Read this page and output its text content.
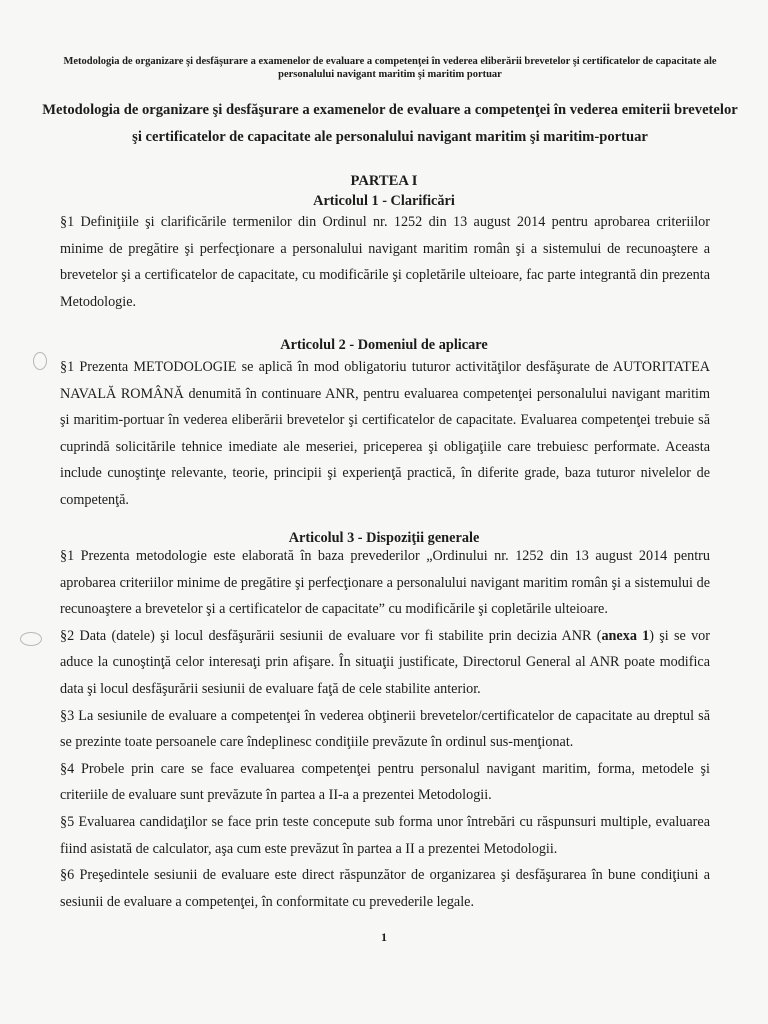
Metodologia de organizare şi desfăşurare a examenelor de evaluare a competenţei în vederea eliberării brevetelor şi certificatelor de capacitate ale personalului navigant maritim şi maritim portuar
Metodologia de organizare şi desfăşurare a examenelor de evaluare a competenţei în vederea emiterii brevetelor şi certificatelor de capacitate ale personalului navigant maritim şi maritim-portuar
PARTEA I
Articolul 1 - Clarificări

§1 Definiţiile şi clarificările termenilor din Ordinul nr. 1252 din 13 august 2014 pentru aprobarea criteriilor minime de pregătire şi perfecţionare a personalului navigant maritim român şi a sistemului de recunoaştere a brevetelor şi a certificatelor de capacitate, cu modificările şi copletările ulteioare, fac parte integrantă din prezenta Metodologie.

Articolul 2 - Domeniul de aplicare

§1 Prezenta METODOLOGIE se aplică în mod obligatoriu tuturor activităţilor desfăşurate de AUTORITATEA NAVALĂ ROMÂNĂ denumită în continuare ANR, pentru evaluarea competenţei personalului navigant maritim şi maritim-portuar în vederea eliberării brevetelor şi certificatelor de capacitate. Evaluarea competenţei trebuie să cuprindă solicitările tehnice imediate ale meseriei, priceperea şi obligaţiile care trebuiesc performate. Aceasta include cunoştinţe relevante, teorie, principii şi experienţă practică, în diferite grade, baza tuturor nivelelor de competenţă.

Articolul 3 - Dispoziţii generale

§1 Prezenta metodologie este elaborată în baza prevederilor „Ordinului nr. 1252 din 13 august 2014 pentru aprobarea criteriilor minime de pregătire şi perfecţionare a personalului navigant maritim român şi a sistemului de recunoaştere a brevetelor şi a certificatelor de capacitate” cu modificările şi copletările ulteioare.

§2 Data (datele) şi locul desfăşurării sesiunii de evaluare vor fi stabilite prin decizia ANR (anexa 1) şi se vor aduce la cunoştinţă celor interesaţi prin afişare. În situaţii justificate, Directorul General al ANR poate modifica data şi locul desfăşurării sesiunii de evaluare faţă de cele stabilite anterior.

§3 La sesiunile de evaluare a competenţei în vederea obţinerii brevetelor/certificatelor de capacitate au dreptul să se prezinte toate persoanele care îndeplinesc condiţiile prevăzute în ordinul sus-menţionat.

§4 Probele prin care se face evaluarea competenţei pentru personalul navigant maritim, forma, metodele şi criteriile de evaluare sunt prevăzute în partea a II-a a prezentei Metodologii.

§5 Evaluarea candidaţilor se face prin teste concepute sub forma unor întrebări cu răspunsuri multiple, evaluarea fiind asistată de calculator, aşa cum este prevăzut în partea a II a prezentei Metodologii.

§6 Preşedintele sesiunii de evaluare este direct răspunzător de organizarea şi desfăşurarea în bune condiţiuni a sesiunii de evaluare a competenţei, în conformitate cu prevederile legale.

1
